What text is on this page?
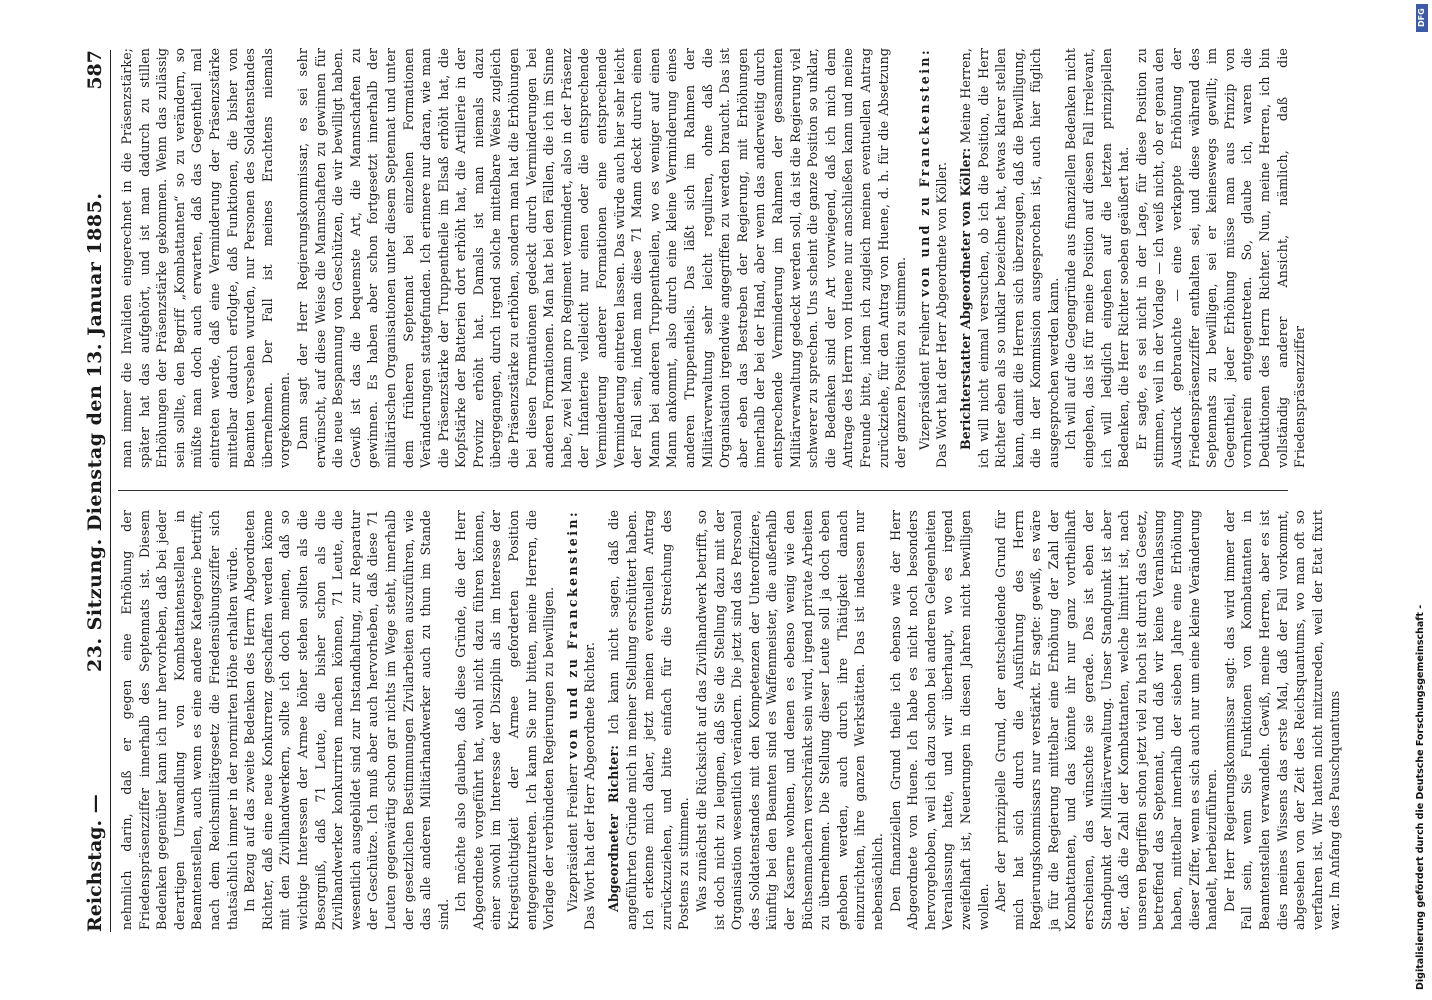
Reichstag. —
23. Sitzung. Dienstag den 13. Januar 1885.
587

nehmlich darin, daß er gegen eine Erhöhung der Friedenspräsenzziffer innerhalb des Septennats ist. Diesem Bedenken gegenüber kann ich nur hervorheben, daß bei jeder derartigen Umwandlung von Kombattantenstellen in Beamtenstellen, auch wenn es eine andere Kategorie betrifft, nach dem Reichsmilitärgesetz die Friedensübungsziffer sich thatsächlich immer in der normirten Höhe erhalten würde. In Bezug auf das zweite Bedenken des Herrn Abgeordneten Richter, daß eine neue Konkurrenz geschaffen werden könne mit den Zivilhandwerkern, sollte ich doch meinen, daß so wichtige Interessen der Armee höher stehen sollten als die Besorgniß, daß 71 Leute, die bisher schon als die Zivilhandwerker konkurriren machen können, 71 Leute, die wesentlich ausgebildet sind zur Instandhaltung, zur Reparatur der Geschütze. Ich muß aber auch hervorheben, daß diese 71 Leuten gegenwärtig schon gar nichts im Wege steht, innerhalb der gesetzlichen Bestimmungen Zivilarbeiten auszuführen, wie das alle anderen Militärhandwerker auch zu thun im Stande sind.

Ich möchte also glauben, daß diese Gründe, die der Herr Abgeordnete vorgeführt hat, wohl nicht dazu führen können, einer sowohl im Interesse der Disziplin als im Interesse der Kriegstüchtigkeit der Armee geforderten Position entgegenzutreten. Ich kann Sie nur bitten, meine Herren, die Vorlage der verbündeten Regierungen zu bewilligen. Vizepräsident Freiherr von und zu Franckenstein: Das Wort hat der Herr Abgeordnete Richter. Abgeordneter Richter: Ich kann nicht sagen, daß die angeführten Gründe mich in meiner Stellung erschüttert haben. Ich erkenne mich daher, jetzt meinen eventuellen Antrag zurückzuziehen, und bitte einfach für die Streichung des Postens zu stimmen. Was zunächst die Rücksicht auf das Zivilhandwerk betrifft, so ist doch nicht zu leugnen, daß Sie die Stellung dazu mit der Organisation wesentlich verändern. Die jetzt sind das Personal des Soldatenstandes mit den Kompetenzen der Unteroffiziere, künftig bei den Beamten sind es Waffenmeister, die außerhalb der Kaserne wohnen, und denen es ebenso wenig wie den Büchsenmachern verschränkt sein wird, irgend private Arbeiten zu übernehmen. Die Stellung dieser Leute soll ja doch eben gehoben werden, auch durch ihre Thätigkeit danach einzurichten, ihre ganzen Werkstätten. Das ist indessen nur nebensächlich. Den finanziellen Grund theile ich ebenso wie der Herr Abgeordnete von Huene. Ich habe es nicht noch besonders hervorgehoben, weil ich dazu schon bei anderen Gelegenheiten Veranlassung hatte, und wir überhaupt, wo es irgend zweifelhaft ist, Neuerungen in diesen Jahren nicht bewilligen wollen. Aber der prinzipielle Grund, der entscheidende Grund für mich hat sich durch die Ausführung des Herrn Regierungskommissars nur verstärkt. Er sagte: gewiß, es wäre ja für die Regierung mittelbar eine Erhöhung der Zahl der Kombattanten, und das könnte ihr nur ganz vortheilhaft erscheinen, das wünschte sie gerade. Das ist eben der Standpunkt der Militärverwaltung. Unser Standpunkt ist aber der, daß die Zahl der Kombattanten, welche limitirt ist, nach unseren Begriffen schon jetzt viel zu hoch ist durch das Gesetz, betreffend das Septennat, und daß wir keine Veranlassung haben, mittelbar innerhalb der sieben Jahre eine Erhöhung dieser Ziffer, wenn es sich auch nur um eine kleine Veränderung handelt, herbeizuführen. Der Herr Regierungskommissar sagt: das wird immer der Fall sein, wenn Sie Funktionen von Kombattanten in Beamtenstellen verwandeln. Gewiß, meine Herren, aber es ist dies meines Wissens das erste Mal, daß der Fall vorkommt, abgesehen von der Zeit des Reichsquantums, wo man oft so verfahren ist. Wir hatten nicht mitzureden, weil der Etat fixirt war. Im Anfang des Pauschquantums

man immer die Invaliden eingerechnet in die Präsenzstärke; später hat das aufgehört, und ist man dadurch zu stillen Erhöhungen der Präsenzstärke gekommen. Wenn das zulässig sein sollte, den Begriff „Kombattanten“ so zu verändern, so müßte man doch auch erwarten, daß das Gegentheil mal eintreten werde, daß eine Verminderung der Präsenzstärke mittelbar dadurch erfolgte, daß Funktionen, die bisher von Beamten versehen wurden, nur Personen des Soldatenstandes übernehmen. Der Fall ist meines Erachtens niemals vorgekommen. Dann sagt der Herr Regierungskommissar, es sei sehr erwünscht, auf diese Weise die Mannschaften zu gewinnen für die neue Bespannung von Geschützen, die wir bewilligt haben. Gewiß ist das die bequemste Art, die Mannschaften zu gewinnen. Es haben aber schon fortgesetzt innerhalb der militärischen Organisationen unter diesem Septennat und unter dem früheren Septennat bei einzelnen Formationen Veränderungen stattgefunden. Ich erinnere nur daran, wie man die Präsenzstärke der Truppentheile im Elsaß erhöht hat, die Kopfstärke der Batterien dort erhöht hat, die Artillerie in der Provinz erhöht hat. Damals ist man niemals dazu übergegangen, durch irgend solche mittelbare Weise zugleich die Präsenzstärke zu erhöhen, sondern man hat die Erhöhungen bei diesen Formationen gedeckt durch Verminderungen bei anderen Formationen. Man hat bei den Fällen, die ich im Sinne habe, zwei Mann pro Regiment vermindert, also in der Präsenz der Infanterie vielleicht nur einen oder die entsprechende Verminderung anderer Formationen eine entsprechende Verminderung eintreten lassen. Das würde auch hier sehr leicht der Fall sein, indem man diese 71 Mann deckt durch einen Mann bei anderen Truppentheilen, wo es weniger auf einen Mann ankommt, also durch eine kleine Verminderung eines anderen Truppentheils. Das läßt sich im Rahmen der Militärverwaltung sehr leicht reguliren, ohne daß die Organisation irgendwie angegriffen zu werden braucht. Das ist aber eben das Bestreben der Regierung, mit Erhöhungen innerhalb der bei der Hand, aber wenn das anderweitig durch entsprechende Verminderung im Rahmen der gesammten Militärverwaltung gedeckt werden soll, da ist die Regierung viel schwerer zu sprechen. Uns scheint die ganze Position so unklar, die Bedenken sind der Art vorwiegend, daß ich mich dem Antrage des Herrn von Huene nur anschließen kann und meine Freunde bitte, indem ich zugleich meinen eventuellen Antrag zurückziehe, für den Antrag von Huene, d. h. für die Absetzung der ganzen Position zu stimmen. Vizepräsident Freiherr von und zu Franckenstein: Das Wort hat der Herr Abgeordnete von Köller. Berichterstatter Abgeordneter von Köller: Meine Herren, ich will nicht einmal versuchen, ob ich die Position, die Herr Richter eben als so unklar bezeichnet hat, etwas klarer stellen kann, damit die Herren sich überzeugen, daß die Bewilligung, die in der Kommission ausgesprochen ist, auch hier füglich ausgesprochen werden kann. Ich will auf die Gegengründe aus finanziellen Bedenken nicht eingehen, das ist für meine Position auf diesen Fall irrelevant, ich will lediglich eingehen auf die letzten prinzipiellen Bedenken, die Herr Richter soeben geäußert hat. Er sagte, es sei nicht in der Lage, für diese Position zu stimmen, weil in der Vorlage — ich weiß nicht, ob er genau den Ausdruck gebrauchte — eine verkappte Erhöhung der Friedenspräsenzziffer enthalten sei, und diese während des Septennats zu bewilligen, sei er keineswegs gewillt; im Gegentheil, jeder Erhöhung müsse man aus Prinzip von vornherein entgegentreten. So, glaube ich, waren die Deduktionen des Herrn Richter. Nun, meine Herren, ich bin vollständig anderer Ansicht, nämlich, daß die Friedenspräsenzziffer

Digitalisierung gefördert durch die Deutsche Forschungsgemeinschaft -
DFG
